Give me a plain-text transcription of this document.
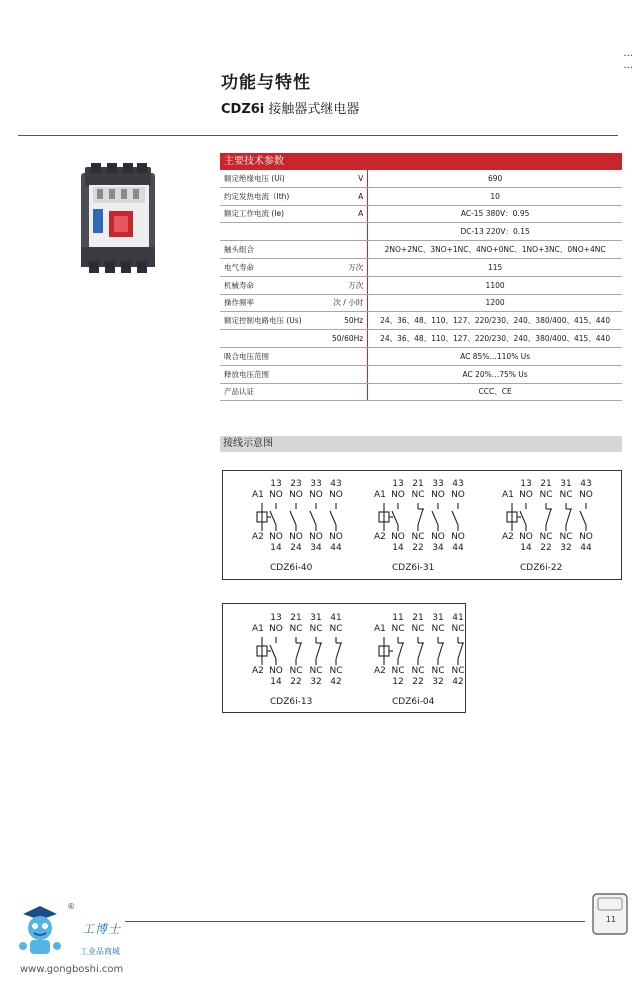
...
...
功能与特性
CDZ6i 接触器式继电器
主要技术参数
额定绝缘电压 (Ui)	V	690
约定发热电流（Ith)	A	10
额定工作电流 (Ie)	A	AC-15 380V：0.95
		DC-13 220V：0.15
触头组合		2NO+2NC、3NO+1NC、4NO+0NC、1NO+3NC、0NO+4NC
电气寿命	万次	115
机械寿命	万次	1100
操作频率	次 / 小时	1200
额定控制电路电压 (Us)	50Hz	24、36、48、110、127、220/230、240、380/400、415、440
	50/60Hz	24、36、48、110、127、220/230、240、380/400、415、440
吸合电压范围		AC 85%…110% Us
释放电压范围		AC 20%…75% Us
产品认证		CCC、CE
接线示意图
A1
A2
13
NO
NO
14
23
NO
NO
24
33
NO
NO
34
43
NO
NO
44
CDZ6i-40
A1
A2
13
NO
NO
14
21
NC
NC
22
33
NO
NO
34
43
NO
NO
44
CDZ6i-31
A1
A2
13
NO
NO
14
21
NC
NC
22
31
NC
NC
32
43
NO
NO
44
CDZ6i-22
A1
A2
13
NO
NO
14
21
NC
NC
22
31
NC
NC
32
41
NC
NC
42
CDZ6i-13
A1
A2
11
NC
NC
12
21
NC
NC
22
31
NC
NC
32
41
NC
NC
42
CDZ6i-04
®
工博士
工业品商城
www.gongboshi.com
11
